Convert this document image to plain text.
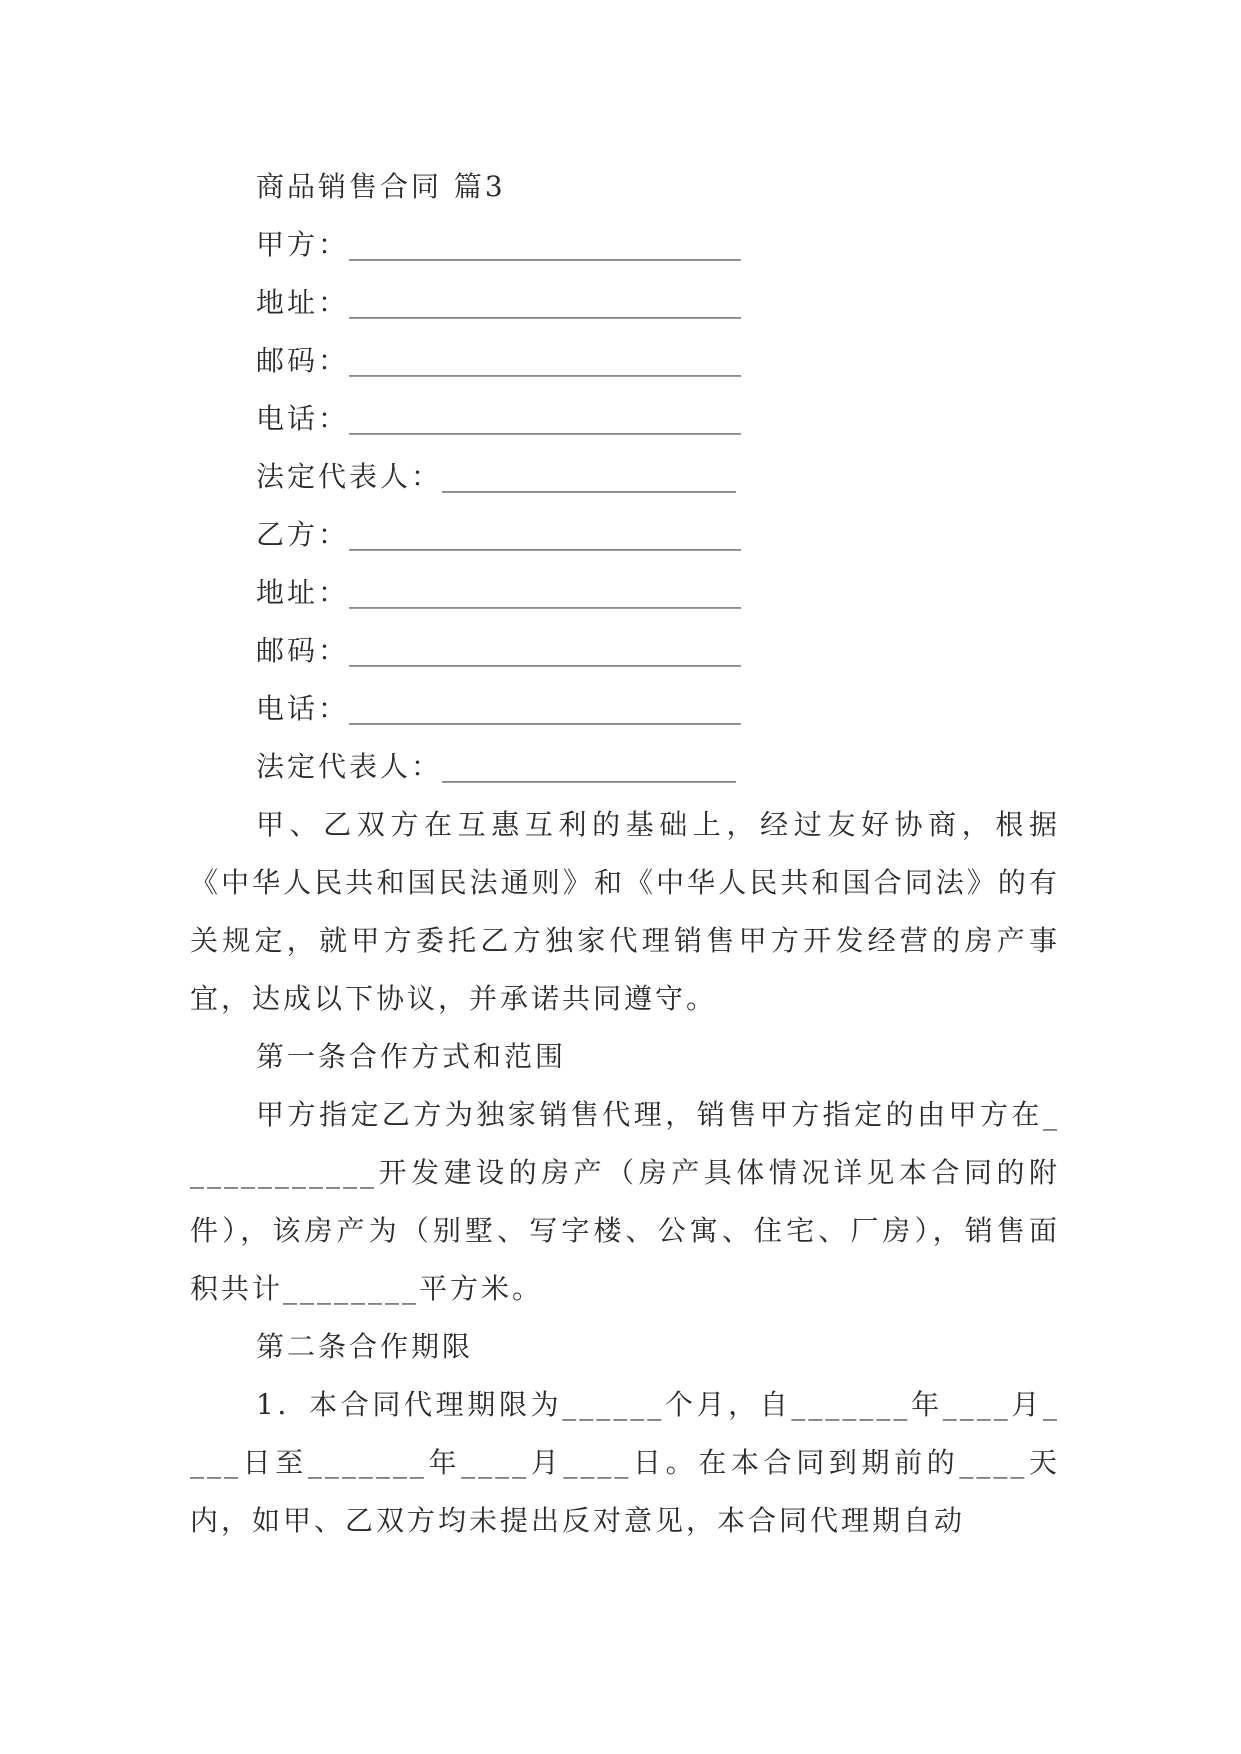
商品销售合同 篇3
甲方：____________________________
地址：____________________________
邮码：____________________________
电话：____________________________
法定代表人：_____________________
乙方：____________________________
地址：____________________________
邮码：____________________________
电话：____________________________
法定代表人：_____________________

甲、乙双方在互惠互利的基础上，经过友好协商，根据《中华人民共和国民法通则》和《中华人民共和国合同法》的有关规定，就甲方委托乙方独家代理销售甲方开发经营的房产事宜，达成以下协议，并承诺共同遵守。

第一条合作方式和范围

甲方指定乙方为独家销售代理，销售甲方指定的由甲方在____________开发建设的房产（房产具体情况详见本合同的附件），该房产为（别墅、写字楼、公寓、住宅、厂房），销售面积共计________平方米。

第二条合作期限

1．本合同代理期限为______个月，自_______年____月____日至_______年____月____日。在本合同到期前的____天内，如甲、乙双方均未提出反对意见，本合同代理期自动
